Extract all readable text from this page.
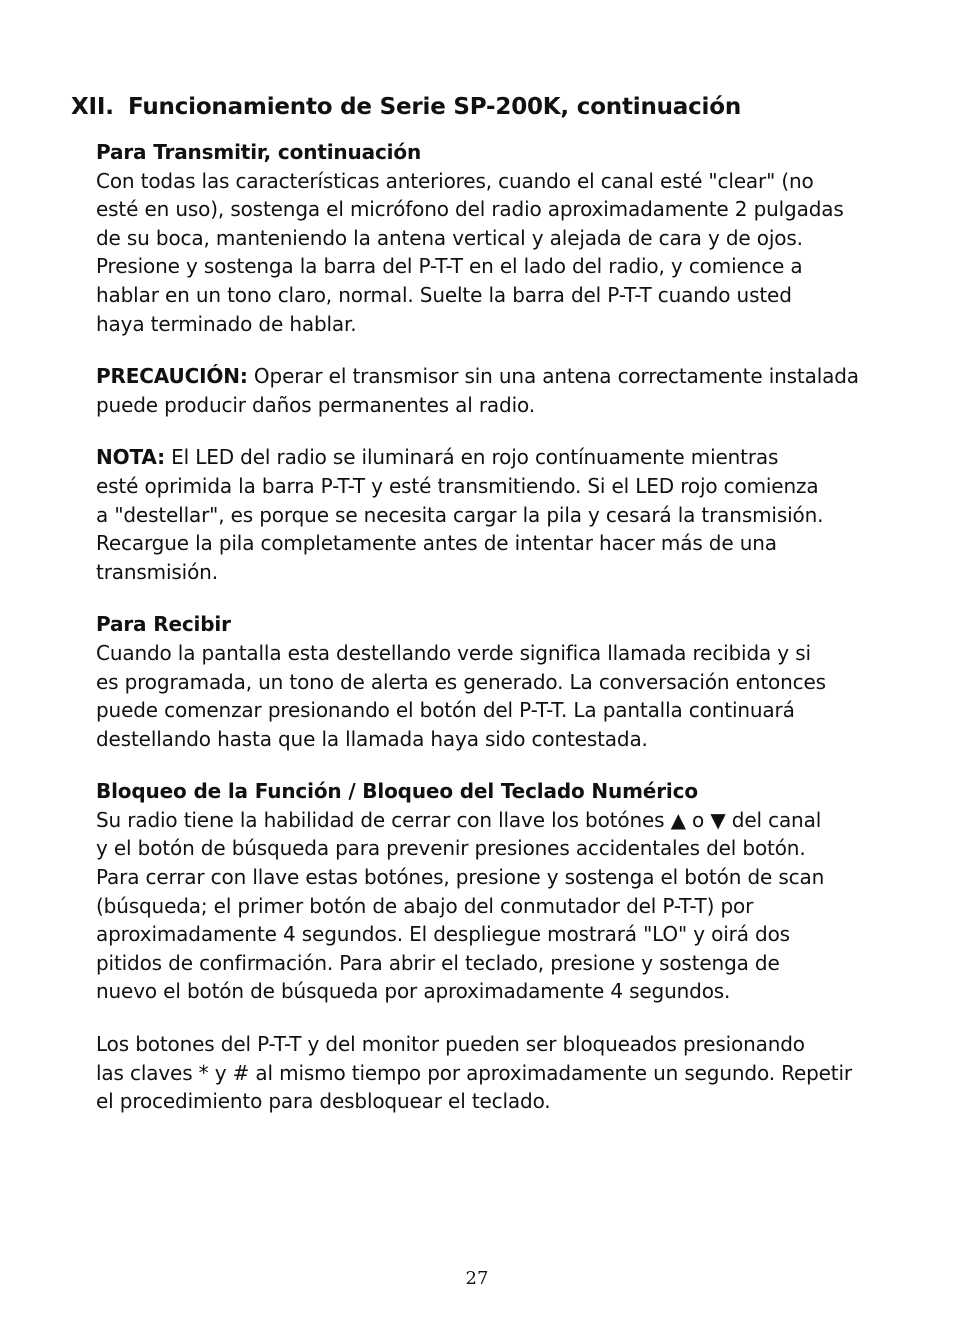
XII. Funcionamiento de Serie SP-200K, continuación

Para Transmitir, continuación

Con todas las características anteriores, cuando el canal esté "clear" (no
esté en uso), sostenga el micrófono del radio aproximadamente 2 pulgadas
de su boca, manteniendo la antena vertical y alejada de cara y de ojos.
Presione y sostenga la barra del P-T-T en el lado del radio, y comience a
hablar en un tono claro, normal. Suelte la barra del P-T-T cuando usted
haya terminado de hablar.

PRECAUCIÓN: Operar el transmisor sin una antena correctamente instalada
puede producir daños permanentes al radio.

NOTA: El LED del radio se iluminará en rojo contínuamente mientras
esté oprimida la barra P-T-T y esté transmitiendo. Si el LED rojo comienza
a "destellar", es porque se necesita cargar la pila y cesará la transmisión.
Recargue la pila completamente antes de intentar hacer más de una
transmisión.

Para Recibir

Cuando la pantalla esta destellando verde significa llamada recibida y si
es programada, un tono de alerta es generado. La conversación entonces
puede comenzar presionando el botón del P-T-T. La pantalla continuará
destellando hasta que la llamada haya sido contestada.

Bloqueo de la Función / Bloqueo del Teclado Numérico

Su radio tiene la habilidad de cerrar con llave los botónes ▲ o ▼ del canal
y el botón de búsqueda para prevenir presiones accidentales del botón.
Para cerrar con llave estas botónes, presione y sostenga el botón de scan
(búsqueda; el primer botón de abajo del conmutador del P-T-T) por
aproximadamente 4 segundos. El despliegue mostrará "LO" y oirá dos
pitidos de confirmación. Para abrir el teclado, presione y sostenga de
nuevo el botón de búsqueda por aproximadamente 4 segundos.

Los botones del P-T-T y del monitor pueden ser bloqueados presionando
las claves * y # al mismo tiempo por aproximadamente un segundo. Repetir
el procedimiento para desbloquear el teclado.

27
